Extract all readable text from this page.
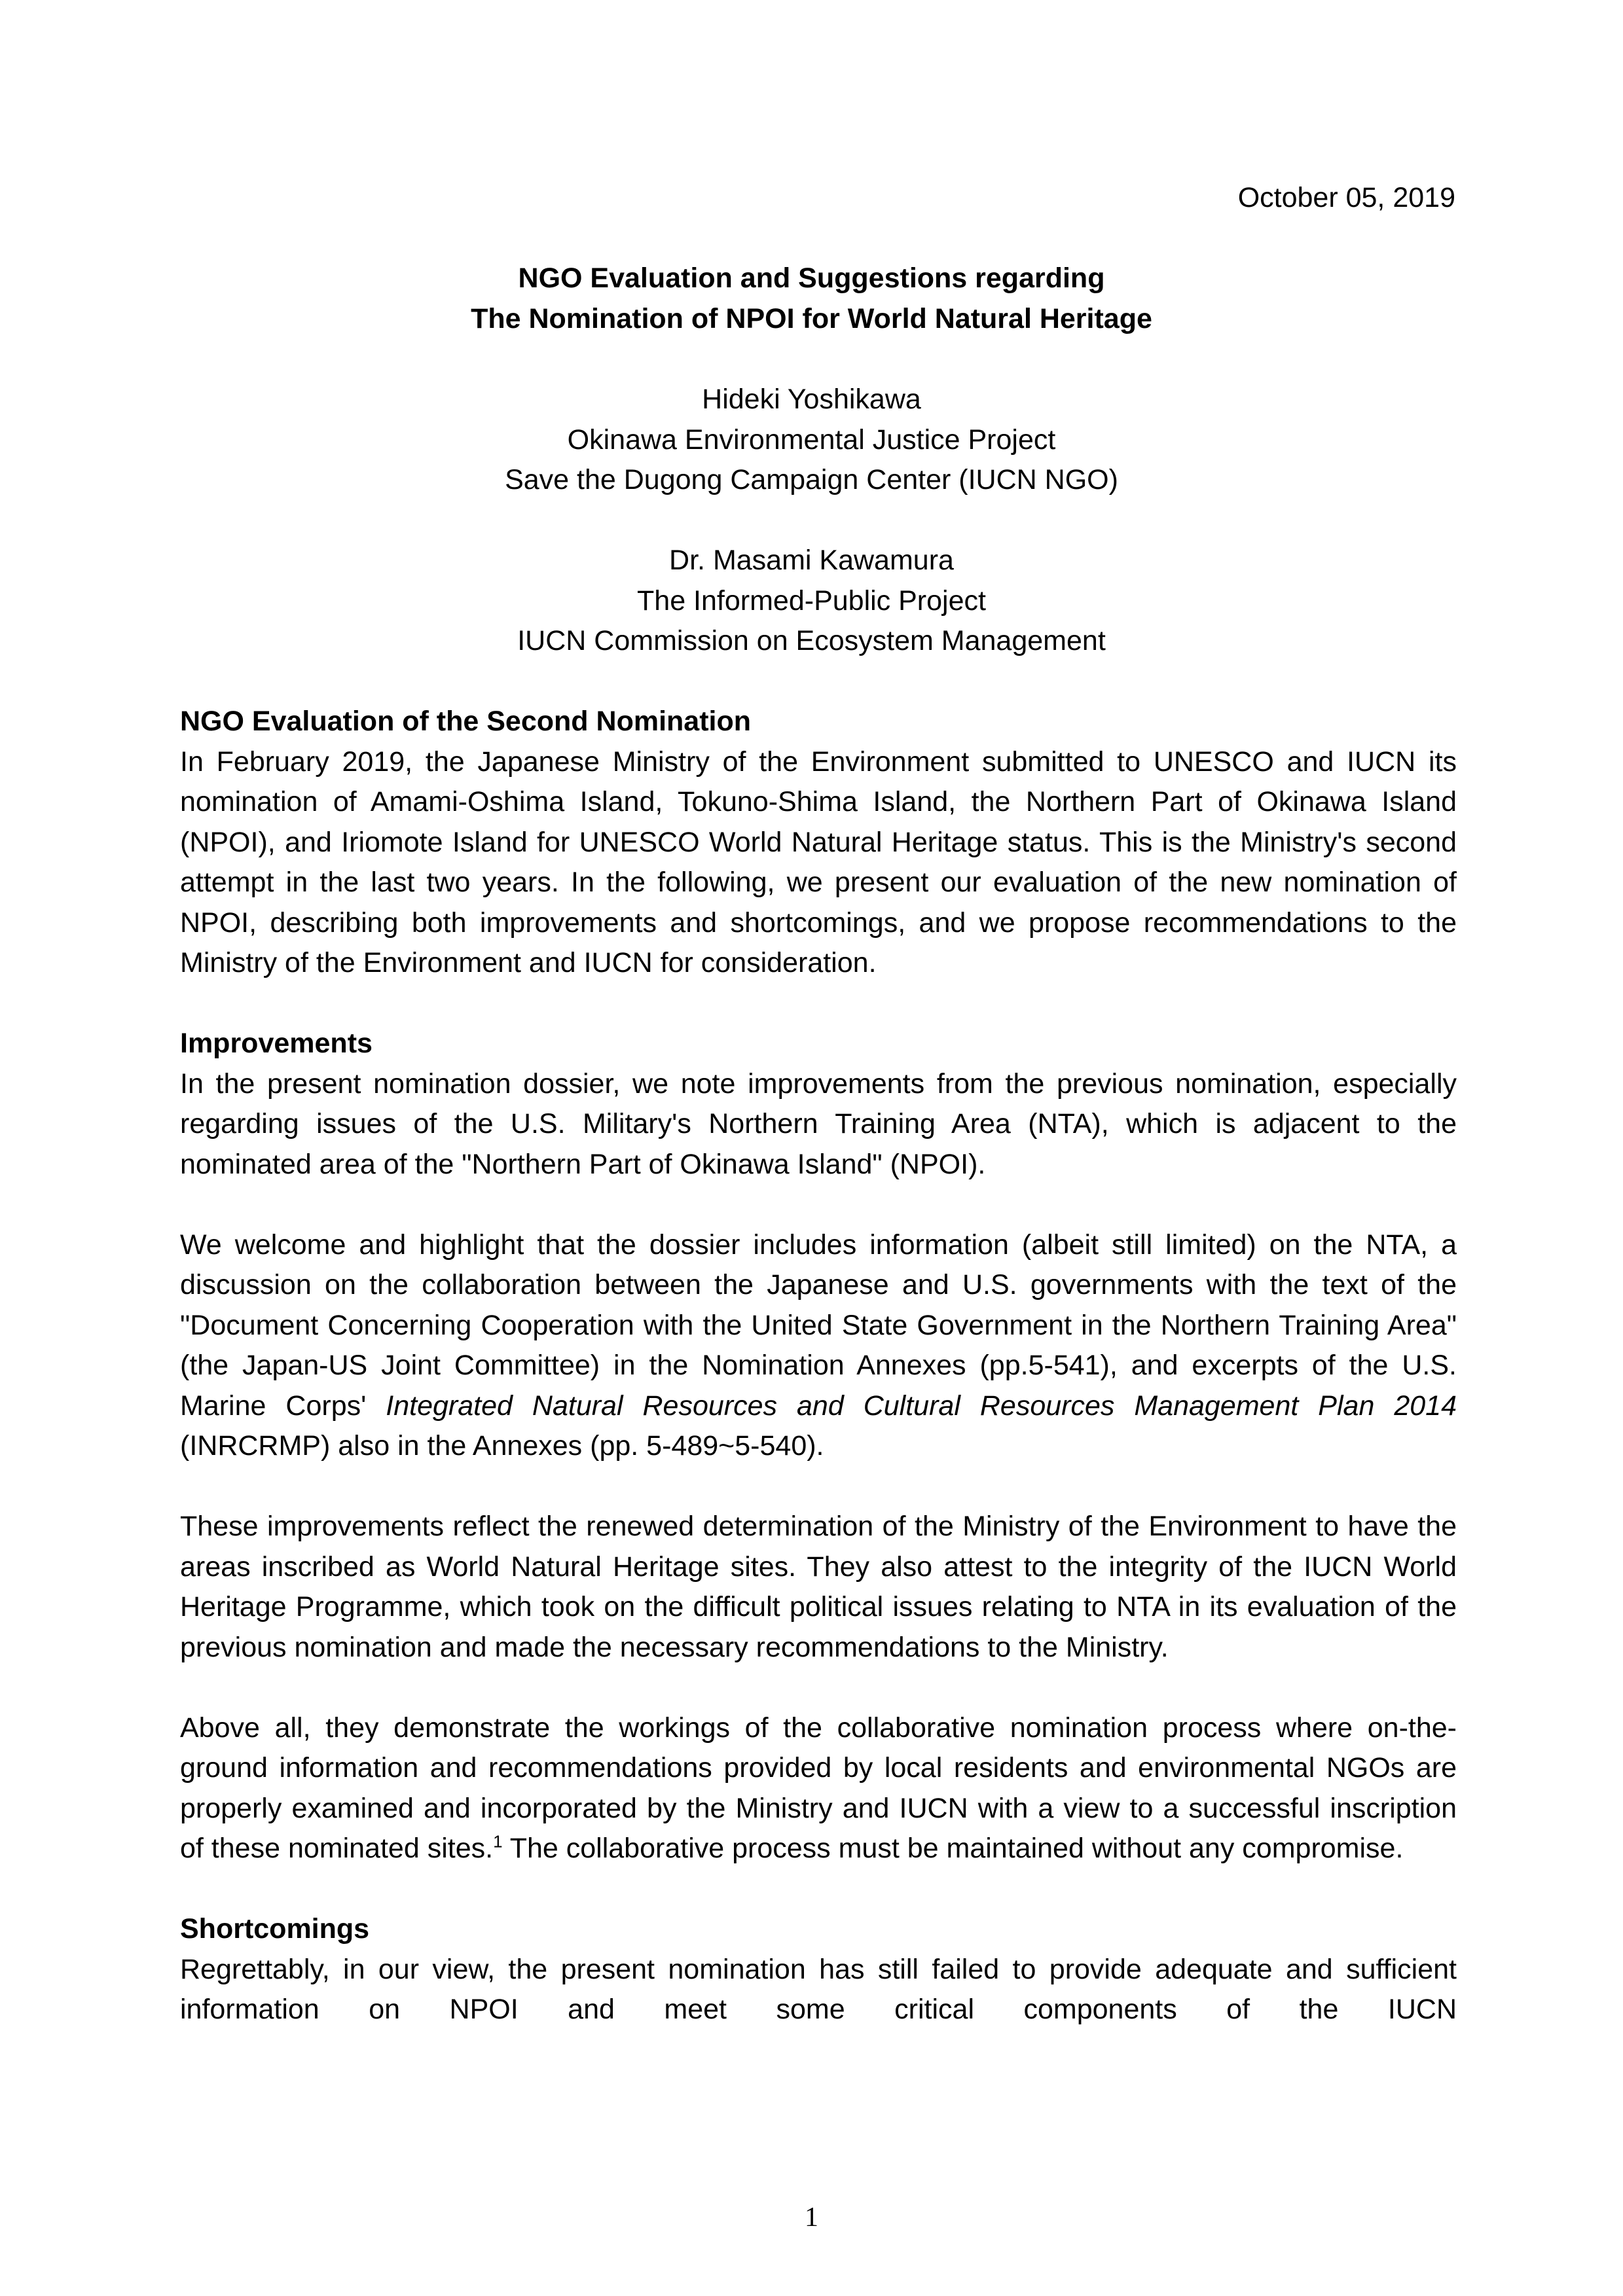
October 05, 2019
NGO Evaluation and Suggestions regarding
The Nomination of NPOI for World Natural Heritage
Hideki Yoshikawa
Okinawa Environmental Justice Project
Save the Dugong Campaign Center (IUCN NGO)
Dr. Masami Kawamura
The Informed-Public Project
IUCN Commission on Ecosystem Management
NGO Evaluation of the Second Nomination

In February 2019, the Japanese Ministry of the Environment submitted to UNESCO and IUCN its nomination of Amami-Oshima Island, Tokuno-Shima Island, the Northern Part of Okinawa Island (NPOI), and Iriomote Island for UNESCO World Natural Heritage status. This is the Ministry's second attempt in the last two years. In the following, we present our evaluation of the new nomination of NPOI, describing both improvements and shortcomings, and we propose recommendations to the Ministry of the Environment and IUCN for consideration.

Improvements

In the present nomination dossier, we note improvements from the previous nomination, especially regarding issues of the U.S. Military's Northern Training Area (NTA), which is adjacent to the nominated area of the "Northern Part of Okinawa Island" (NPOI).

We welcome and highlight that the dossier includes information (albeit still limited) on the NTA, a discussion on the collaboration between the Japanese and U.S. governments with the text of the "Document Concerning Cooperation with the United State Government in the Northern Training Area" (the Japan-US Joint Committee) in the Nomination Annexes (pp.5-541), and excerpts of the U.S. Marine Corps' Integrated Natural Resources and Cultural Resources Management Plan 2014 (INRCRMP) also in the Annexes (pp. 5-489~5-540).

These improvements reflect the renewed determination of the Ministry of the Environment to have the areas inscribed as World Natural Heritage sites. They also attest to the integrity of the IUCN World Heritage Programme, which took on the difficult political issues relating to NTA in its evaluation of the previous nomination and made the necessary recommendations to the Ministry.

Above all, they demonstrate the workings of the collaborative nomination process where on-the-ground information and recommendations provided by local residents and environmental NGOs are properly examined and incorporated by the Ministry and IUCN with a view to a successful inscription of these nominated sites.$^1$ The collaborative process must be maintained without any compromise.

Shortcomings

Regrettably, in our view, the present nomination has still failed to provide adequate and sufficient information on NPOI and meet some critical components of the IUCN

1
